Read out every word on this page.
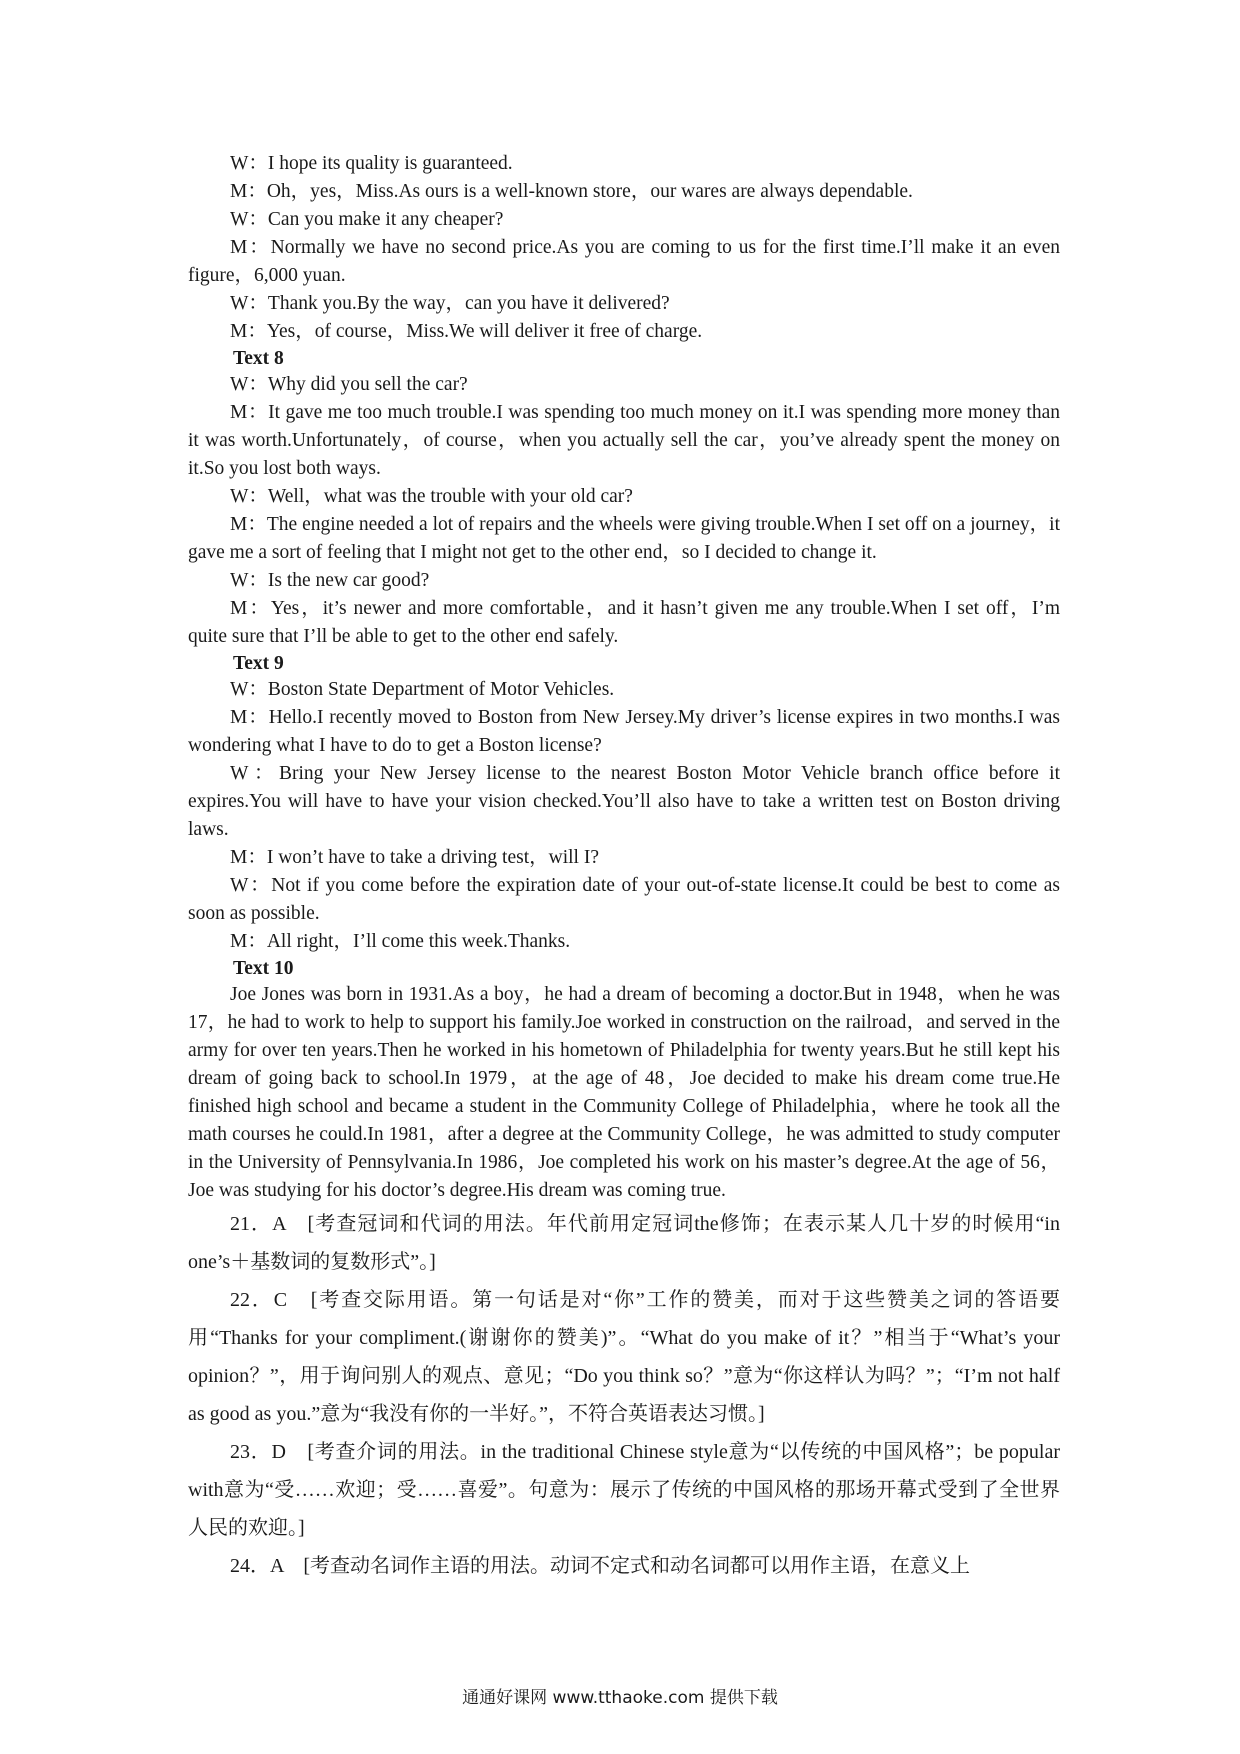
W：I hope its quality is guaranteed.

M：Oh，yes，Miss.As ours is a well-known store，our wares are always dependable.

W：Can you make it any cheaper?

M：Normally we have no second price.As you are coming to us for the first time.I’ll make it an even figure，6,000 yuan.

W：Thank you.By the way，can you have it delivered?

M：Yes，of course，Miss.We will deliver it free of charge.

Text 8

W：Why did you sell the car?

M：It gave me too much trouble.I was spending too much money on it.I was spending more money than it was worth.Unfortunately，of course，when you actually sell the car，you’ve already spent the money on it.So you lost both ways.

W：Well，what was the trouble with your old car?

M：The engine needed a lot of repairs and the wheels were giving trouble.When I set off on a journey，it gave me a sort of feeling that I might not get to the other end，so I decided to change it.

W：Is the new car good?

M：Yes，it’s newer and more comfortable，and it hasn’t given me any trouble.When I set off，I’m quite sure that I’ll be able to get to the other end safely.

Text 9

W：Boston State Department of Motor Vehicles.

M：Hello.I recently moved to Boston from New Jersey.My driver’s license expires in two months.I was wondering what I have to do to get a Boston license?

W：Bring your New Jersey license to the nearest Boston Motor Vehicle branch office before it expires.You will have to have your vision checked.You’ll also have to take a written test on Boston driving laws.

M：I won’t have to take a driving test，will I?

W：Not if you come before the expiration date of your out-of-state license.It could be best to come as soon as possible.

M：All right，I’ll come this week.Thanks.

Text 10

Joe Jones was born in 1931.As a boy，he had a dream of becoming a doctor.But in 1948，when he was 17，he had to work to help to support his family.Joe worked in construction on the railroad，and served in the army for over ten years.Then he worked in his hometown of Philadelphia for twenty years.But he still kept his dream of going back to school.In 1979，at the age of 48，Joe decided to make his dream come true.He finished high school and became a student in the Community College of Philadelphia，where he took all the math courses he could.In 1981，after a degree at the Community College，he was admitted to study computer in the University of Pennsylvania.In 1986，Joe completed his work on his master’s degree.At the age of 56，Joe was studying for his doctor’s degree.His dream was coming true.

21．A　[考查冠词和代词的用法。年代前用定冠词the修饰；在表示某人几十岁的时候用“in one’s＋基数词的复数形式”。]

22．C　[考查交际用语。第一句话是对“你”工作的赞美，而对于这些赞美之词的答语要用“Thanks for your compliment.(谢谢你的赞美)”。“What do you make of it？”相当于“What’s your opinion？”，用于询问别人的观点、意见；“Do you think so？”意为“你这样认为吗？”；“I’m not half as good as you.”意为“我没有你的一半好。”，不符合英语表达习惯。]

23．D　[考查介词的用法。in the traditional Chinese style意为“以传统的中国风格”；be popular with意为“受……欢迎；受……喜爱”。句意为：展示了传统的中国风格的那场开幕式受到了全世界人民的欢迎。]

24．A　[考查动名词作主语的用法。动词不定式和动名词都可以用作主语，在意义上

通通好课网 www.tthaoke.com 提供下载
